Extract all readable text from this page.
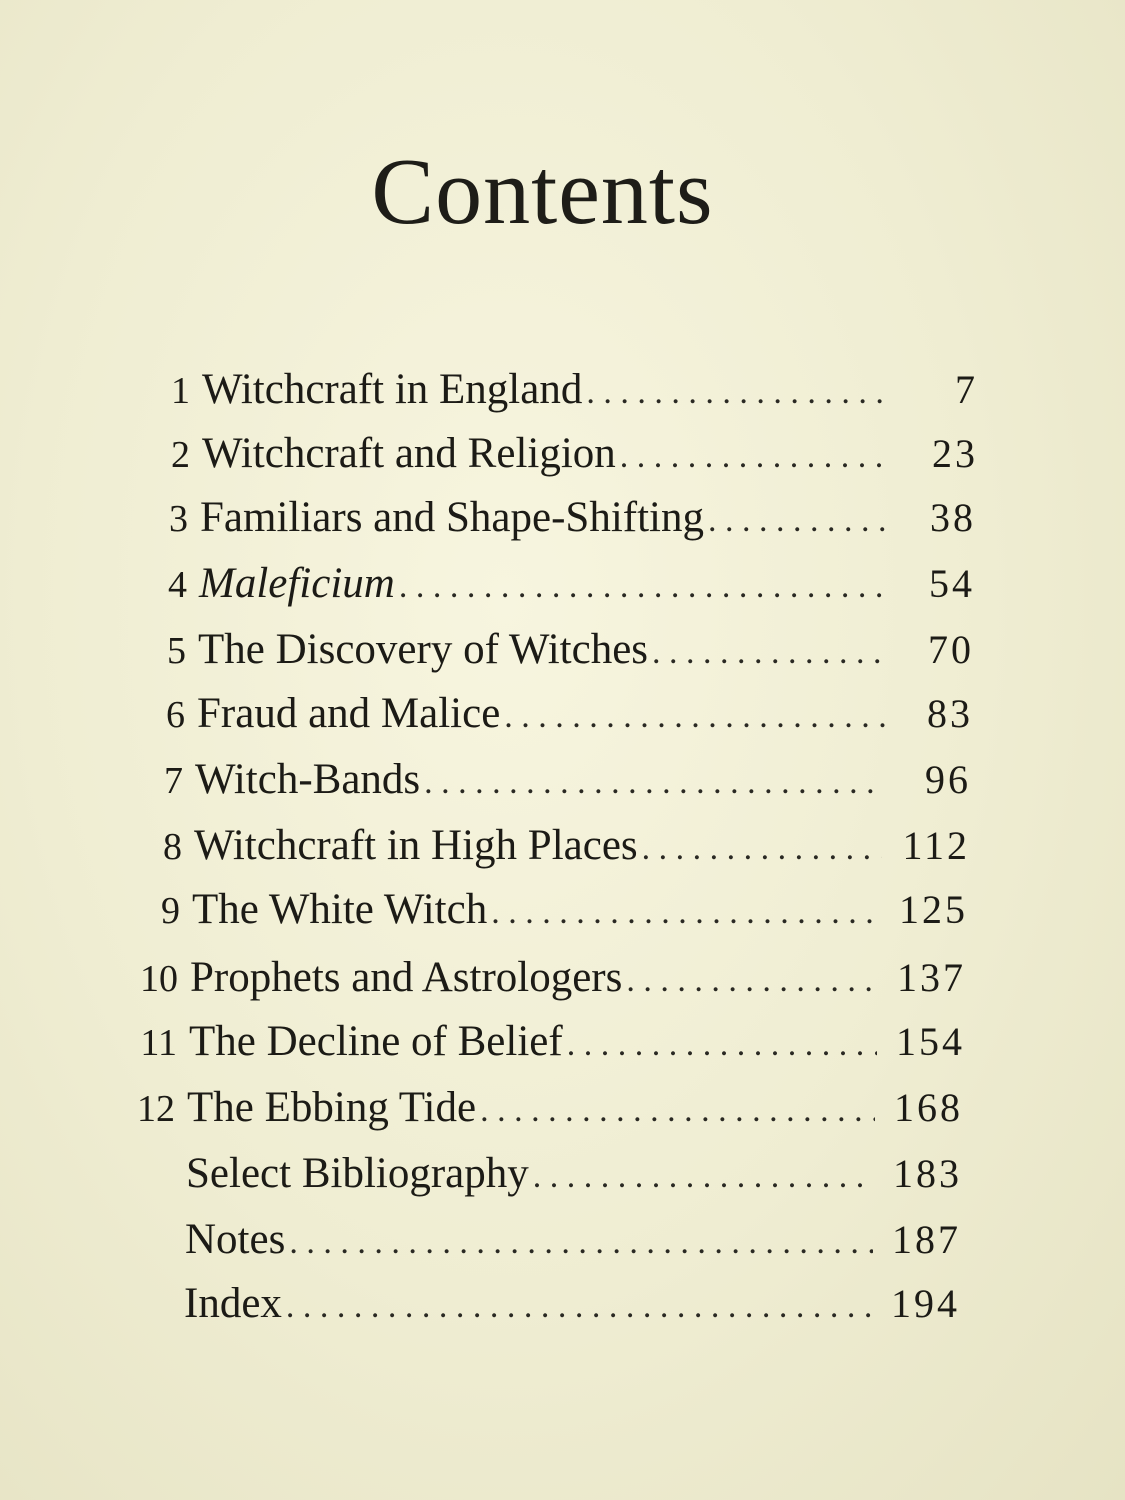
Contents
1 Witchcraft in England . . .	7
2 Witchcraft and Religion . . .	23
3 Familiars and Shape-Shifting . . .	38
4 Maleficium . . .	54
5 The Discovery of Witches . . .	70
6 Fraud and Malice . . .	83
7 Witch-Bands . . .	96
8 Witchcraft in High Places . . .	112
9 The White Witch . . .	125
10 Prophets and Astrologers . . .	137
11 The Decline of Belief . . .	154
12 The Ebbing Tide . . .	168
Select Bibliography . . .	183
Notes . . .	187
Index . . .	194
